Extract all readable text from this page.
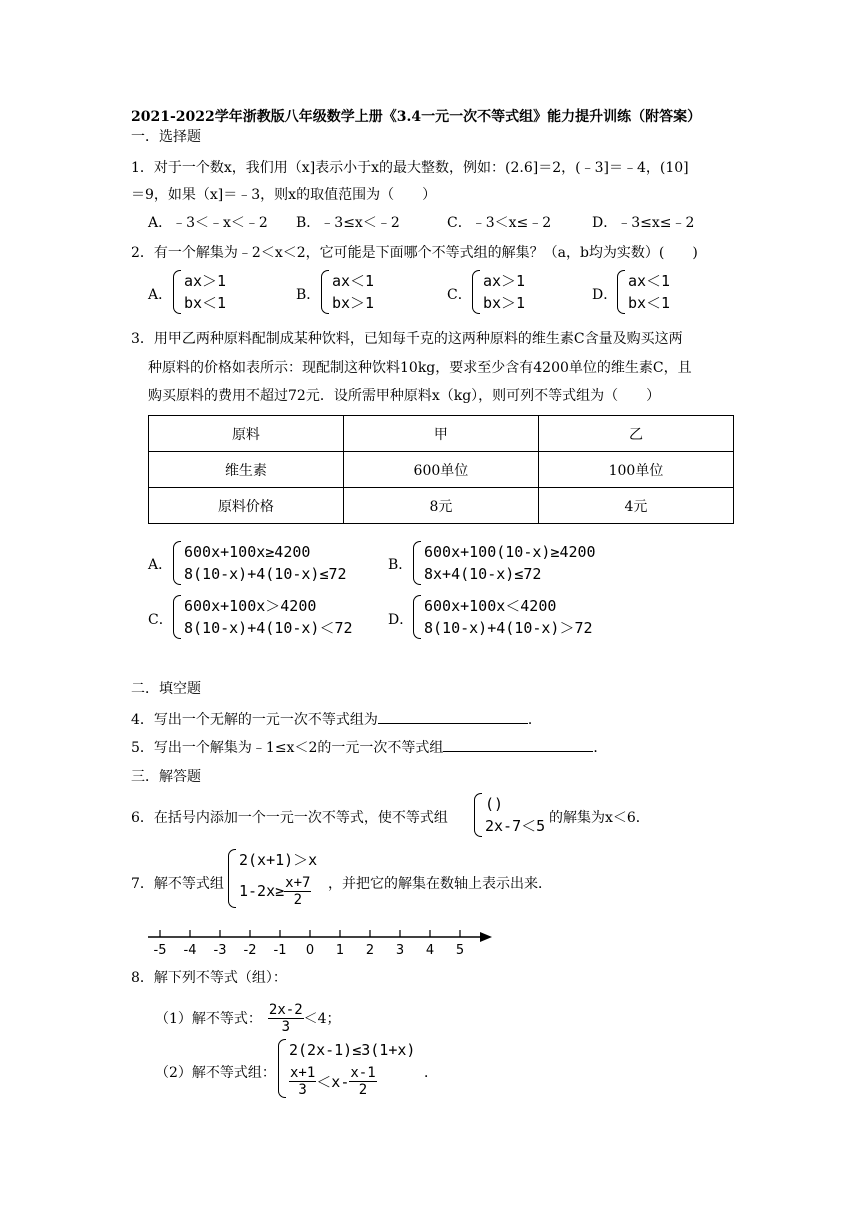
2021-2022学年浙教版八年级数学上册《3.4一元一次不等式组》能力提升训练（附答案）
一．选择题
1．对于一个数x，我们用（x]表示小于x的最大整数，例如：(2.6]＝2，(﹣3]＝﹣4，(10]
＝9，如果（x]＝﹣3，则x的取值范围为（　　）
A．﹣3＜﹣x＜﹣2 B．﹣3≤x＜﹣2	C．﹣3＜x≤﹣2	D．﹣3≤x≤﹣2
2．有一个解集为﹣2＜x＜2，它可能是下面哪个不等式组的解集？（a，b均为实数）(　　)
A．
ax＞1
bx＜1	B．
ax＜1
bx＞1	C．
ax＞1
bx＞1	D．
ax＜1
bx＜1
3．用甲乙两种原料配制成某种饮料，已知每千克的这两种原料的维生素C含量及购买这两
种原料的价格如表所示：现配制这种饮料10kg，要求至少含有4200单位的维生素C，且
购买原料的费用不超过72元．设所需甲种原料x（kg），则可列不等式组为（　　）
原料	甲	乙
维生素	600单位	100单位
原料价格	8元	4元
A．
600x+100x≥4200
8(10-x)+4(10-x)≤72	B．
600x+100(10-x)≥4200
8x+4(10-x)≤72
C．
600x+100x＞4200
8(10-x)+4(10-x)＜72	D．
600x+100x＜4200
8(10-x)+4(10-x)＞72
二．填空题
4．写出一个无解的一元一次不等式组为	．
5．写出一个解集为﹣1≤x＜2的一元一次不等式组	．
三．解答题
6．在括号内添加一个一元一次不等式，使不等式组
()
2x-7＜5 的解集为x＜6．
7．解不等式组
2(x+1)＞x
$1-2x\ge \frac{x+7}{2}$ ，并把它的解集在数轴上表示出来．
-5 -4 -3 -2 -1 0 1 2 3 4 5
8．解下列不等式（组）：
（1）解不等式： $\frac{2x-2}{3} <4$；
（2）解不等式组：
2(2x-1)≤3(1+x)
$\frac{x+1}{3} <x- \frac{x-1}{2}$	．
